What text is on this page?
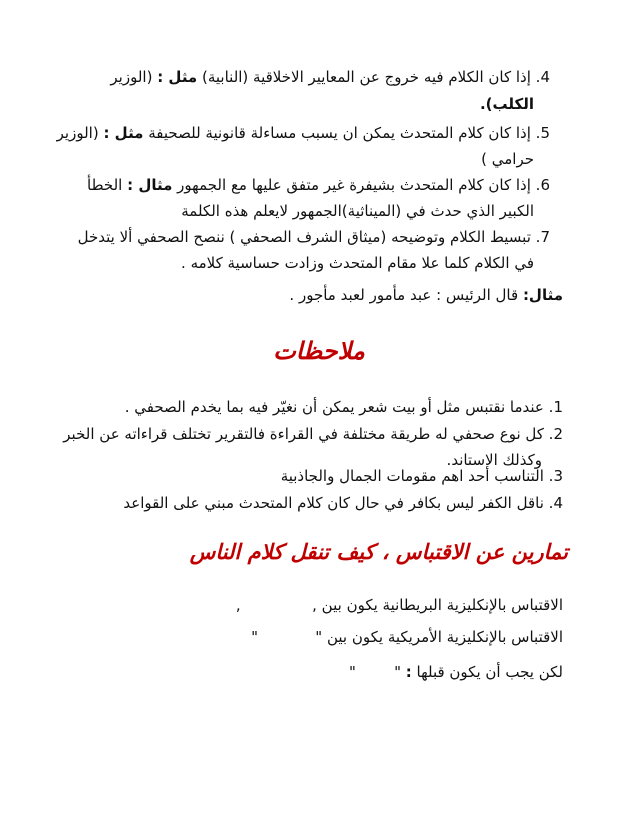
4. إذا كان الكلام فيه خروج عن المعايير الاخلاقية (النابية) مثل : (الوزير
الكلب).
5. إذا كان كلام المتحدث يمكن ان يسبب مساءلة قانونية للصحيفة مثل : (الوزير
حرامي )
6. إذا كان كلام المتحدث بشيفرة غير متفق عليها مع الجمهور مثال : الخطأ
الكبير الذي حدث في (الميناثية)الجمهور لايعلم هذه الكلمة
7. تبسيط الكلام وتوضيحه (ميثاق الشرف الصحفي ) ننصح الصحفي ألا يتدخل
في الكلام كلما علا مقام المتحدث وزادت حساسية كلامه .
مثال: قال الرئيس : عبد مأمور لعبد مأجور .
ملاحظات
1. عندما نقتبس مثل أو بيت شعر يمكن أن نغيّر فيه بما يخدم الصحفي .
2. كل نوع صحفي له طريقة مختلفة في القراءة فالتقرير تختلف قراءاته عن الخبر
وكذلك الاستاند.
3. التناسب أحد اهم مقومات الجمال والجاذبية
4. ناقل الكفر ليس بكافر في حال كان كلام المتحدث مبني على القواعد
تمارين عن الاقتباس ، كيف تنقل كلام الناس
الاقتباس بالإنكليزية البريطانية يكون بين ,               ,
الاقتباس بالإنكليزية الأمريكية يكون بين "            "
لكن يجب أن يكون قبلها : "        "
